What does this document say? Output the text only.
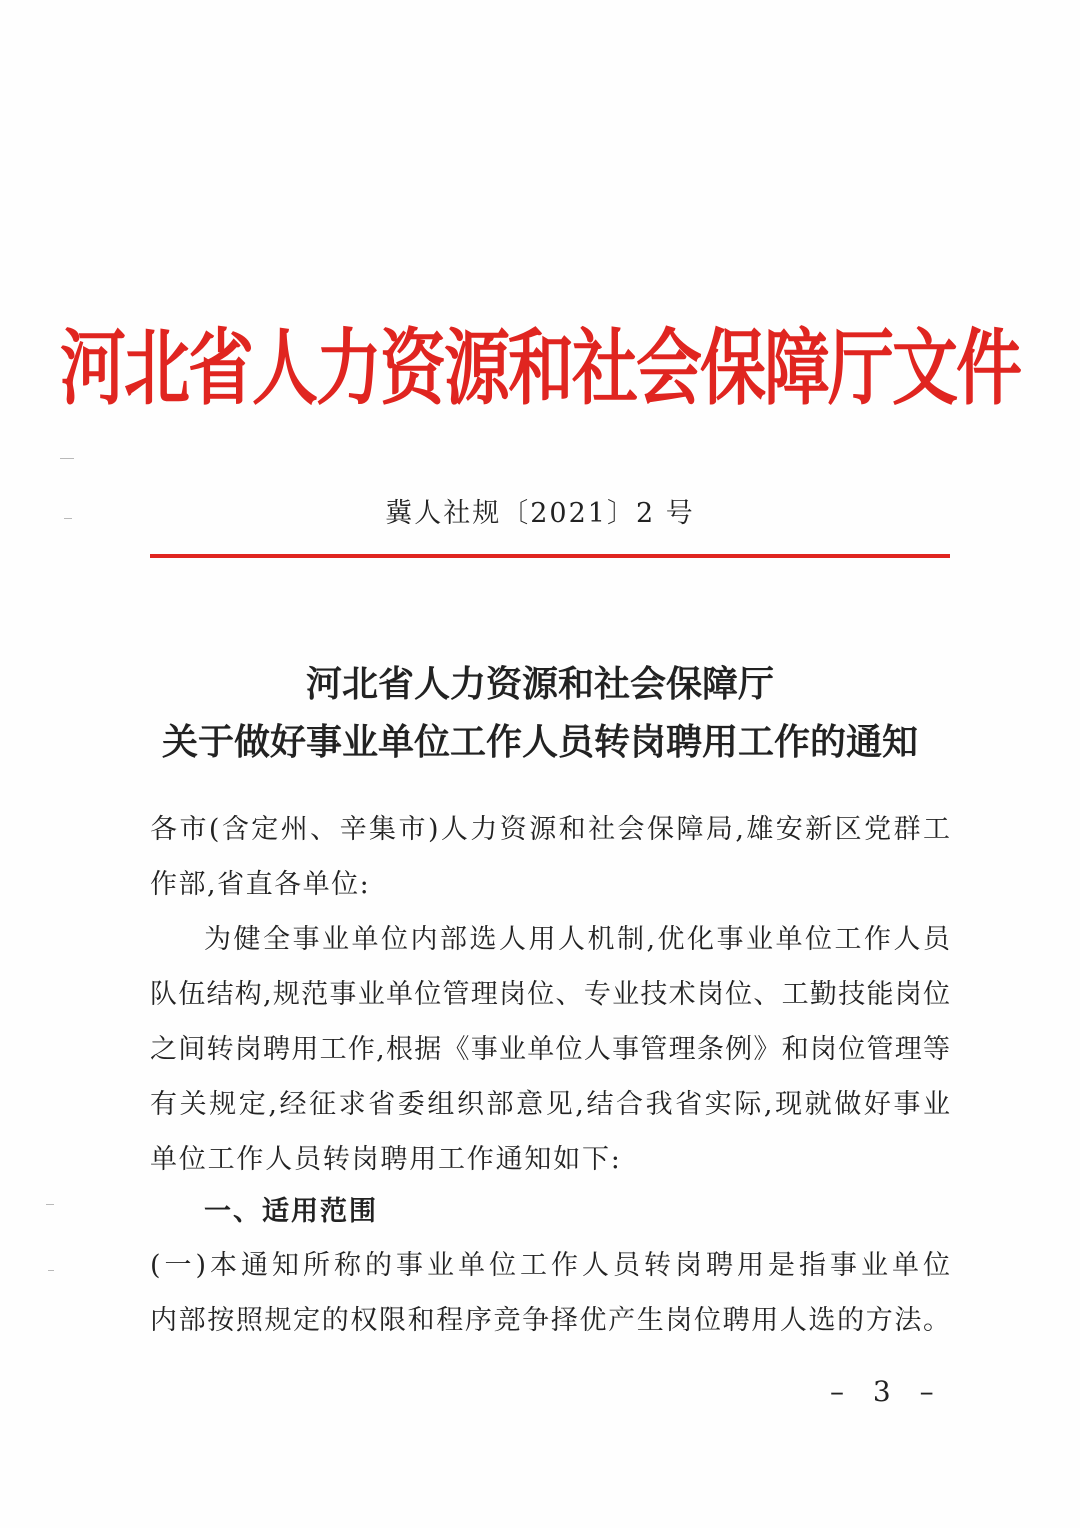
河北省人力资源和社会保障厅文件
冀人社规〔2021〕2 号
河北省人力资源和社会保障厅
关于做好事业单位工作人员转岗聘用工作的通知
各市(含定州、辛集市)人力资源和社会保障局,雄安新区党群工
作部,省直各单位:
为健全事业单位内部选人用人机制,优化事业单位工作人员
队伍结构,规范事业单位管理岗位、专业技术岗位、工勤技能岗位
之间转岗聘用工作,根据《事业单位人事管理条例》和岗位管理等
有关规定,经征求省委组织部意见,结合我省实际,现就做好事业
单位工作人员转岗聘用工作通知如下:
一、适用范围
(一)本通知所称的事业单位工作人员转岗聘用是指事业单位
内部按照规定的权限和程序竞争择优产生岗位聘用人选的方法。
– 3 –
